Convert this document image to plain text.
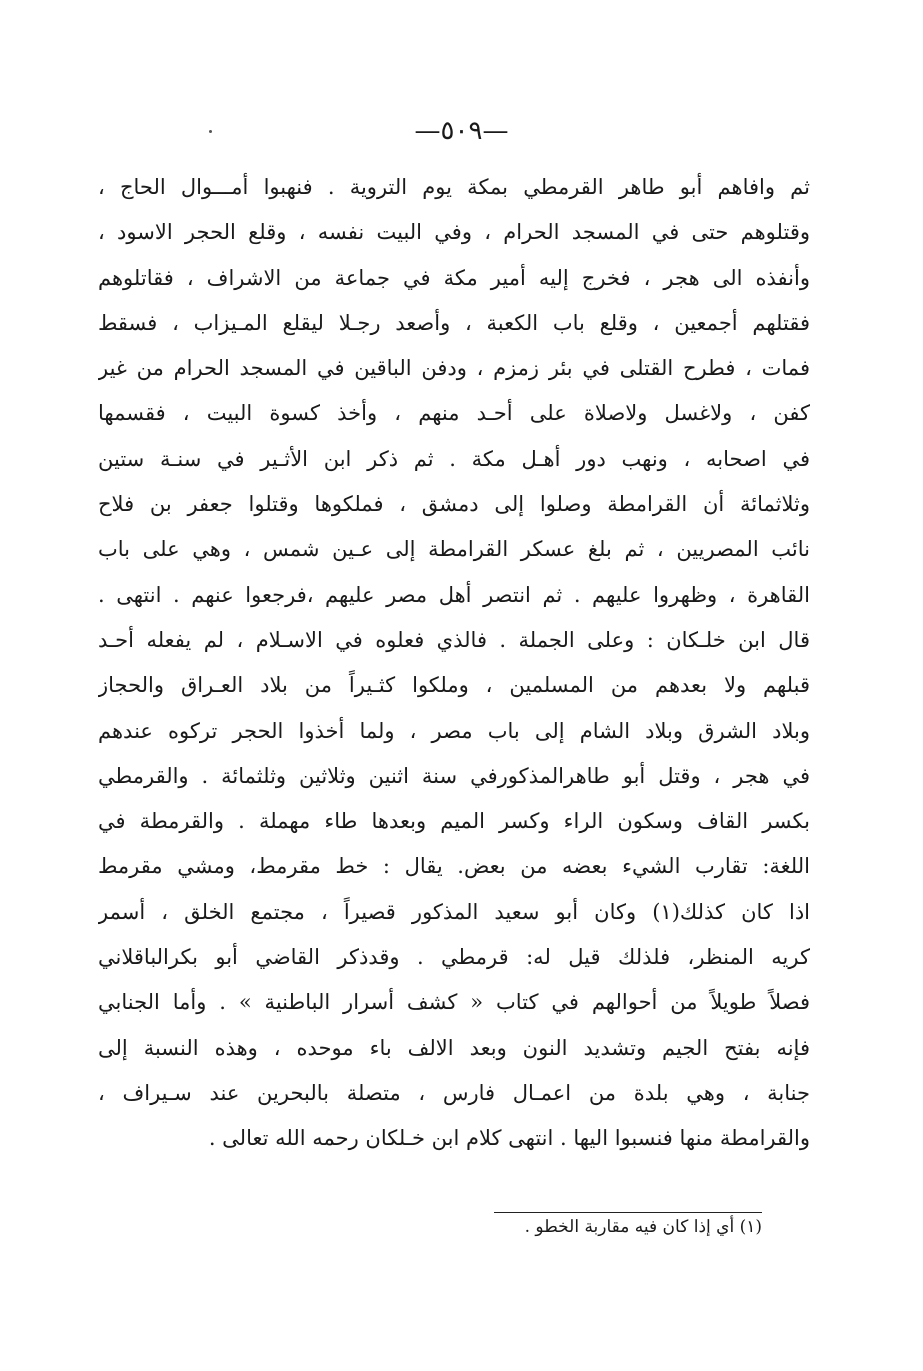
—٥٠٩—
ثم وافاهم أبو طاهر القرمطي بمكة يوم التروية . فنهبوا أمـــوال الحاج ،
وقتلوهم حتى في المسجد الحرام ، وفي البيت نفسه ، وقلع الحجر الاسود ،
وأنفذه الى هجر ، فخرج إليه أمير مكة في جماعة من الاشراف ، فقاتلوهم
فقتلهم أجمعين ، وقلع باب الكعبة ، وأصعد رجـلا ليقلع المـيزاب ، فسقط
فمات ، فطرح القتلى في بئر زمزم ، ودفن الباقين في المسجد الحرام من غير
كفن ، ولاغسل ولاصلاة على أحـد منهم ، وأخذ كسوة البيت ، فقسمها
في اصحابه ، ونهب دور أهـل مكة . ثم ذكر ابن الأثـير في سنـة ستين
وثلاثمائة أن القرامطة وصلوا إلى دمشق ، فملكوها وقتلوا جعفر بن فلاح
نائب المصريين ، ثم بلغ عسكر القرامطة إلى عـين شمس ، وهي على باب
القاهرة ، وظهروا عليهم . ثم انتصر أهل مصر عليهم ،فرجعوا عنهم . انتهى .
قال ابن خلـكان : وعلى الجملة . فالذي فعلوه في الاسـلام ، لم يفعله أحـد
قبلهم ولا بعدهم من المسلمين ، وملكوا كثـيراً من بلاد العـراق والحجاز
وبلاد الشرق وبلاد الشام إلى باب مصر ، ولما أخذوا الحجر تركوه عندهم
في هجر ، وقتل أبو طاهرالمذكورفي سنة اثنين وثلاثين وثلثمائة . والقرمطي
بكسر القاف وسكون الراء وكسر الميم وبعدها طاء مهملة . والقرمطة في
اللغة: تقارب الشيء بعضه من بعض. يقال : خط مقرمط، ومشي مقرمط
اذا كان كذلك(١) وكان أبو سعيد المذكور قصيراً ، مجتمع الخلق ، أسمر
كريه المنظر، فلذلك قيل له: قرمطي . وقدذكر القاضي أبو بكرالباقلاني
فصلاً طويلاً من أحوالهم في كتاب « كشف أسرار الباطنية » . وأما الجنابي
فإنه بفتح الجيم وتشديد النون وبعد الالف باء موحده ، وهذه النسبة إلى
جنابة ، وهي بلدة من اعمـال فارس ، متصلة بالبحرين عند سـيراف ،
والقرامطة منها فنسبوا اليها . انتهى كلام ابن خـلكان رحمه الله تعالى .
(١) أي إذا كان فيه مقاربة الخطو .
